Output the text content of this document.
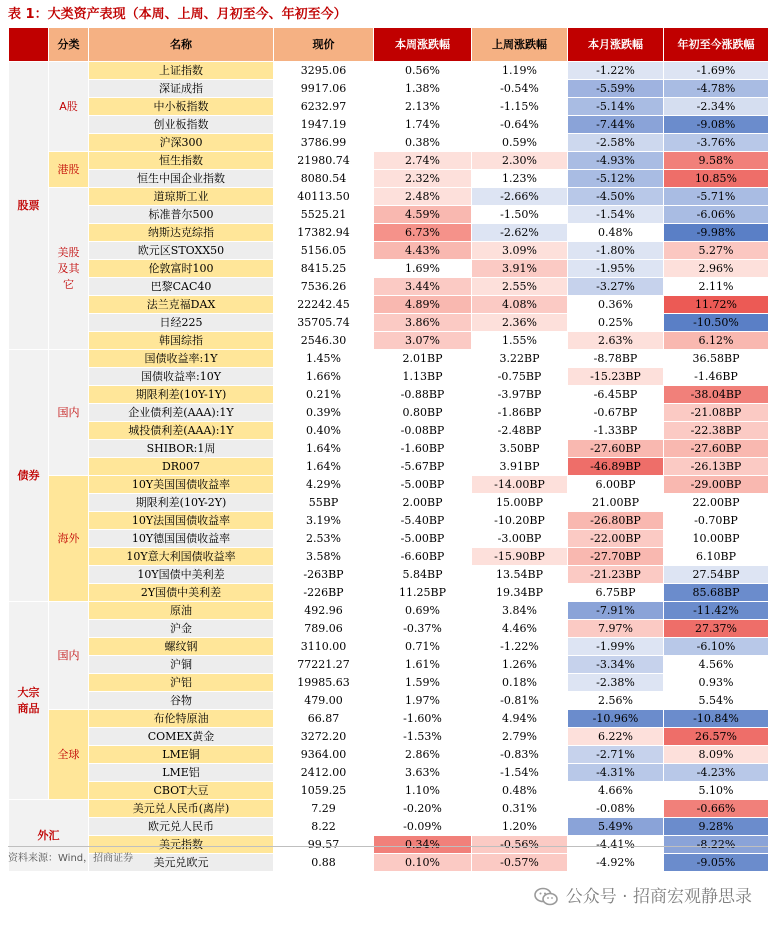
表 1：大类资产表现（本周、上周、月初至今、年初至今）
	分类	名称	现价	本周涨跌幅	上周涨跌幅	本月涨跌幅	年初至今涨跌幅
股票	A股	上证指数	3295.06	0.56%	1.19%	-1.22%	-1.69%
		深证成指	9917.06	1.38%	-0.54%	-5.59%	-4.78%
		中小板指数	6232.97	2.13%	-1.15%	-5.14%	-2.34%
		创业板指数	1947.19	1.74%	-0.64%	-7.44%	-9.08%
		沪深300	3786.99	0.38%	0.59%	-2.58%	-3.76%
	港股	恒生指数	21980.74	2.74%	2.30%	-4.93%	9.58%
		恒生中国企业指数	8080.54	2.32%	1.23%	-5.12%	10.85%
	美股及其它	道琼斯工业	40113.50	2.48%	-2.66%	-4.50%	-5.71%
		标准普尔500	5525.21	4.59%	-1.50%	-1.54%	-6.06%
		纳斯达克综指	17382.94	6.73%	-2.62%	0.48%	-9.98%
		欧元区STOXX50	5156.05	4.43%	3.09%	-1.80%	5.27%
		伦敦富时100	8415.25	1.69%	3.91%	-1.95%	2.96%
		巴黎CAC40	7536.26	3.44%	2.55%	-3.27%	2.11%
		法兰克福DAX	22242.45	4.89%	4.08%	0.36%	11.72%
		日经225	35705.74	3.86%	2.36%	0.25%	-10.50%
		韩国综指	2546.30	3.07%	1.55%	2.63%	6.12%
债券	国内	国债收益率:1Y	1.45%	2.01BP	3.22BP	-8.78BP	36.58BP
		国债收益率:10Y	1.66%	1.13BP	-0.75BP	-15.23BP	-1.46BP
		期限利差(10Y-1Y)	0.21%	-0.88BP	-3.97BP	-6.45BP	-38.04BP
		企业债利差(AAA):1Y	0.39%	0.80BP	-1.86BP	-0.67BP	-21.08BP
		城投债利差(AAA):1Y	0.40%	-0.08BP	-2.48BP	-1.33BP	-22.38BP
		SHIBOR:1周	1.64%	-1.60BP	3.50BP	-27.60BP	-27.60BP
		DR007	1.64%	-5.67BP	3.91BP	-46.89BP	-26.13BP
	海外	10Y美国国债收益率	4.29%	-5.00BP	-14.00BP	6.00BP	-29.00BP
		期限利差(10Y-2Y)	55BP	2.00BP	15.00BP	21.00BP	22.00BP
		10Y法国国债收益率	3.19%	-5.40BP	-10.20BP	-26.80BP	-0.70BP
		10Y德国国债收益率	2.53%	-5.00BP	-3.00BP	-22.00BP	10.00BP
		10Y意大利国债收益率	3.58%	-6.60BP	-15.90BP	-27.70BP	6.10BP
		10Y国债中美利差	-263BP	5.84BP	13.54BP	-21.23BP	27.54BP
		2Y国债中美利差	-226BP	11.25BP	19.34BP	6.75BP	85.68BP
大宗商品	国内	原油	492.96	0.69%	3.84%	-7.91%	-11.42%
		沪金	789.06	-0.37%	4.46%	7.97%	27.37%
		螺纹钢	3110.00	0.71%	-1.22%	-1.99%	-6.10%
		沪铜	77221.27	1.61%	1.26%	-3.34%	4.56%
		沪铝	19985.63	1.59%	0.18%	-2.38%	0.93%
		谷物	479.00	1.97%	-0.81%	2.56%	5.54%
	全球	布伦特原油	66.87	-1.60%	4.94%	-10.96%	-10.84%
		COMEX黄金	3272.20	-1.53%	2.79%	6.22%	26.57%
		LME铜	9364.00	2.86%	-0.83%	-2.71%	8.09%
		LME铝	2412.00	3.63%	-1.54%	-4.31%	-4.23%
		CBOT大豆	1059.25	1.10%	0.48%	4.66%	5.10%
外汇		美元兑人民币(离岸)	7.29	-0.20%	0.31%	-0.08%	-0.66%
		欧元兑人民币	8.22	-0.09%	1.20%	5.49%	9.28%
		美元指数	99.57	0.34%	-0.56%	-4.41%	-8.22%
		美元兑欧元	0.88	0.10%	-0.57%	-4.92%	-9.05%
资料来源：Wind，招商证券
公众号 · 招商宏观静思录
